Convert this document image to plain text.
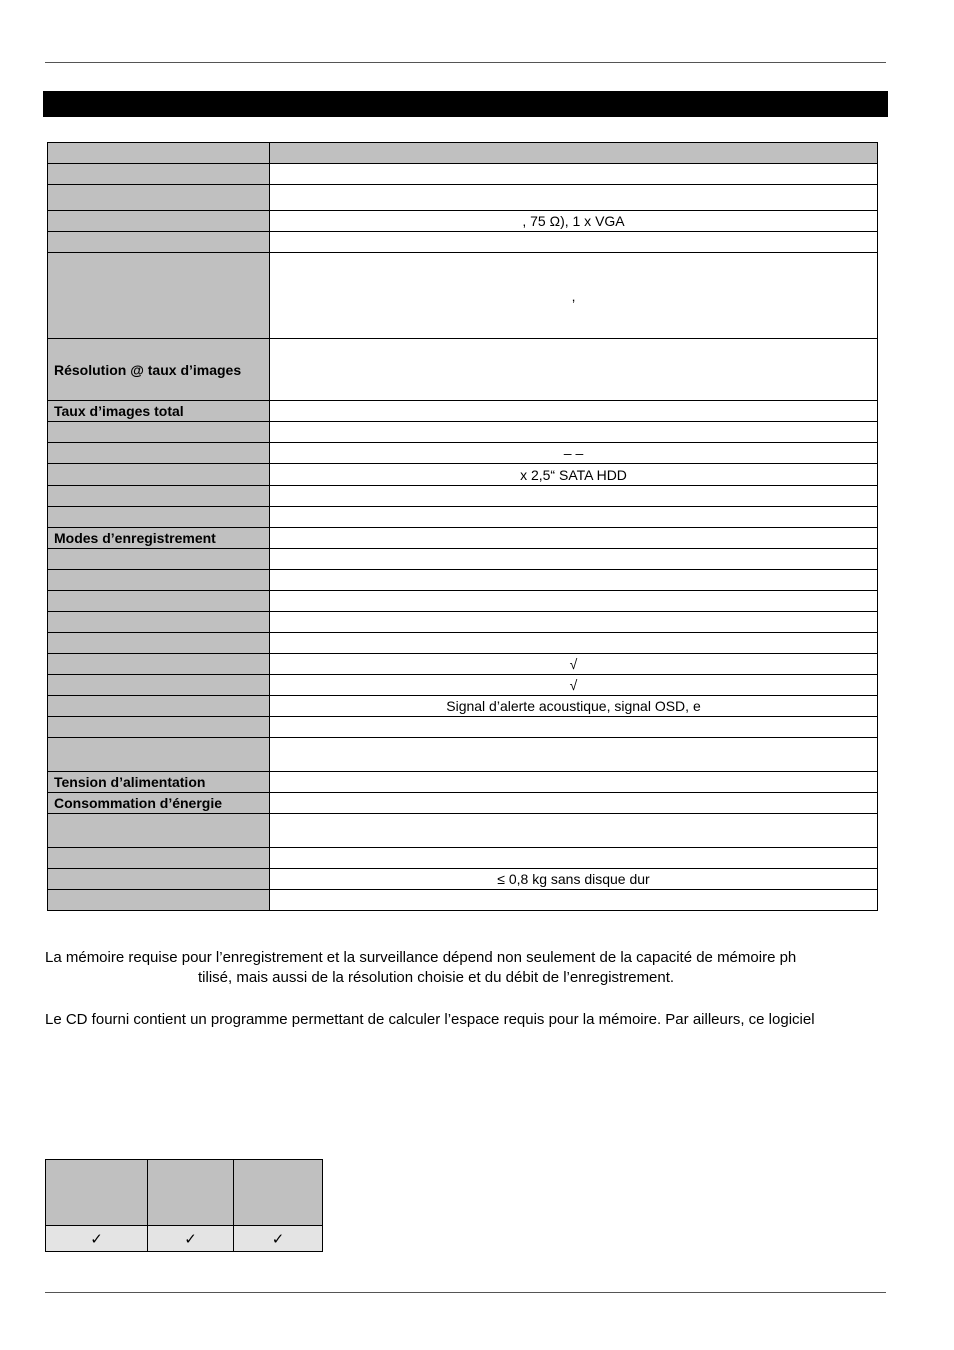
	, 75 Ω), 1 x VGA

	‚
Résolution @ taux d’images	
Taux d’images total	

	– –
	x 2,5“ SATA HDD

Modes d’enregistrement	

	√
	√
	Signal d’alerte acoustique, signal OSD, e

Tension d’alimentation	
Consommation d’énergie	

	≤ 0,8 kg sans disque dur

La mémoire requise pour l’enregistrement et la surveillance dépend non seulement de la capacité de mémoire ph
tilisé, mais aussi de la résolution choisie et du débit de l’enregistrement.
Le CD fourni contient un programme permettant de calculer l’espace requis pour la mémoire. Par ailleurs, ce logiciel

✓	✓	✓
